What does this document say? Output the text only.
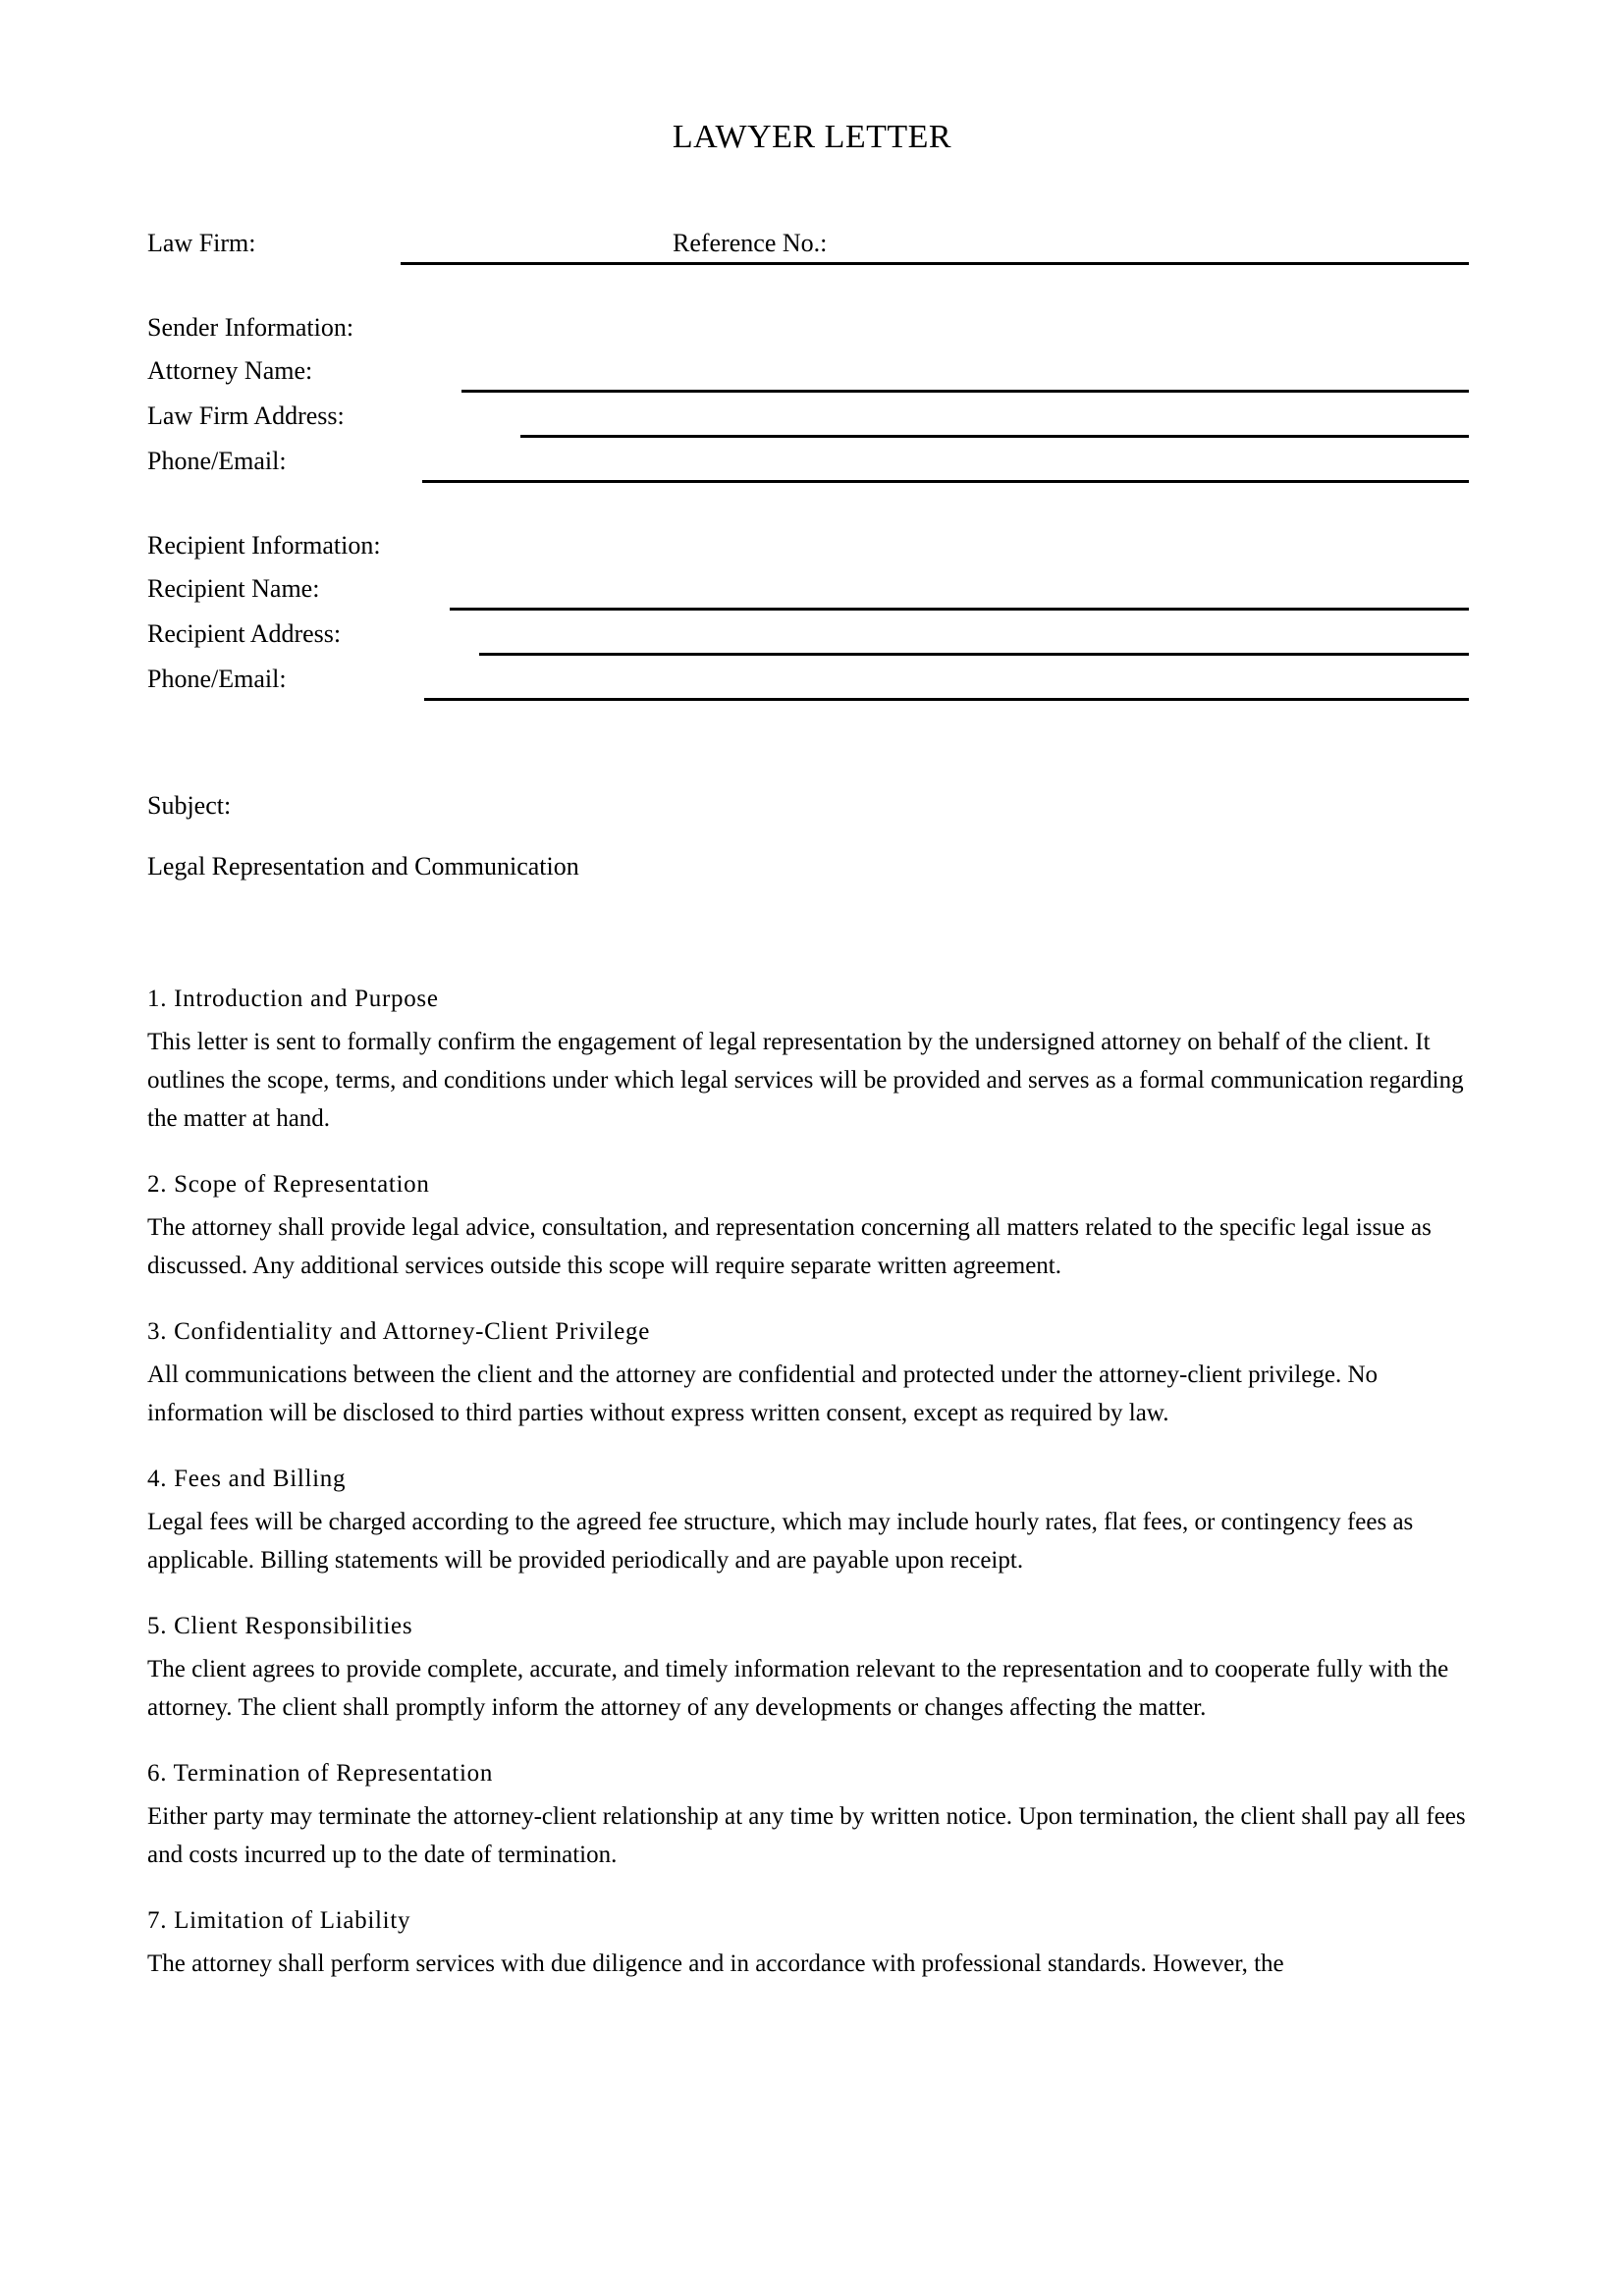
LAWYER LETTER
Law Firm:	Reference No.:
Sender Information:
Attorney Name:
Law Firm Address:
Phone/Email:
Recipient Information:
Recipient Name:
Recipient Address:
Phone/Email:
Subject:
Legal Representation and Communication
1. Introduction and Purpose
This letter is sent to formally confirm the engagement of legal representation by the undersigned attorney on behalf of the client. It outlines the scope, terms, and conditions under which legal services will be provided and serves as a formal communication regarding the matter at hand.
2. Scope of Representation
The attorney shall provide legal advice, consultation, and representation concerning all matters related to the specific legal issue as discussed. Any additional services outside this scope will require separate written agreement.
3. Confidentiality and Attorney-Client Privilege
All communications between the client and the attorney are confidential and protected under the attorney-client privilege. No information will be disclosed to third parties without express written consent, except as required by law.
4. Fees and Billing
Legal fees will be charged according to the agreed fee structure, which may include hourly rates, flat fees, or contingency fees as applicable. Billing statements will be provided periodically and are payable upon receipt.
5. Client Responsibilities
The client agrees to provide complete, accurate, and timely information relevant to the representation and to cooperate fully with the attorney. The client shall promptly inform the attorney of any developments or changes affecting the matter.
6. Termination of Representation
Either party may terminate the attorney-client relationship at any time by written notice. Upon termination, the client shall pay all fees and costs incurred up to the date of termination.
7. Limitation of Liability
The attorney shall perform services with due diligence and in accordance with professional standards. However, the
